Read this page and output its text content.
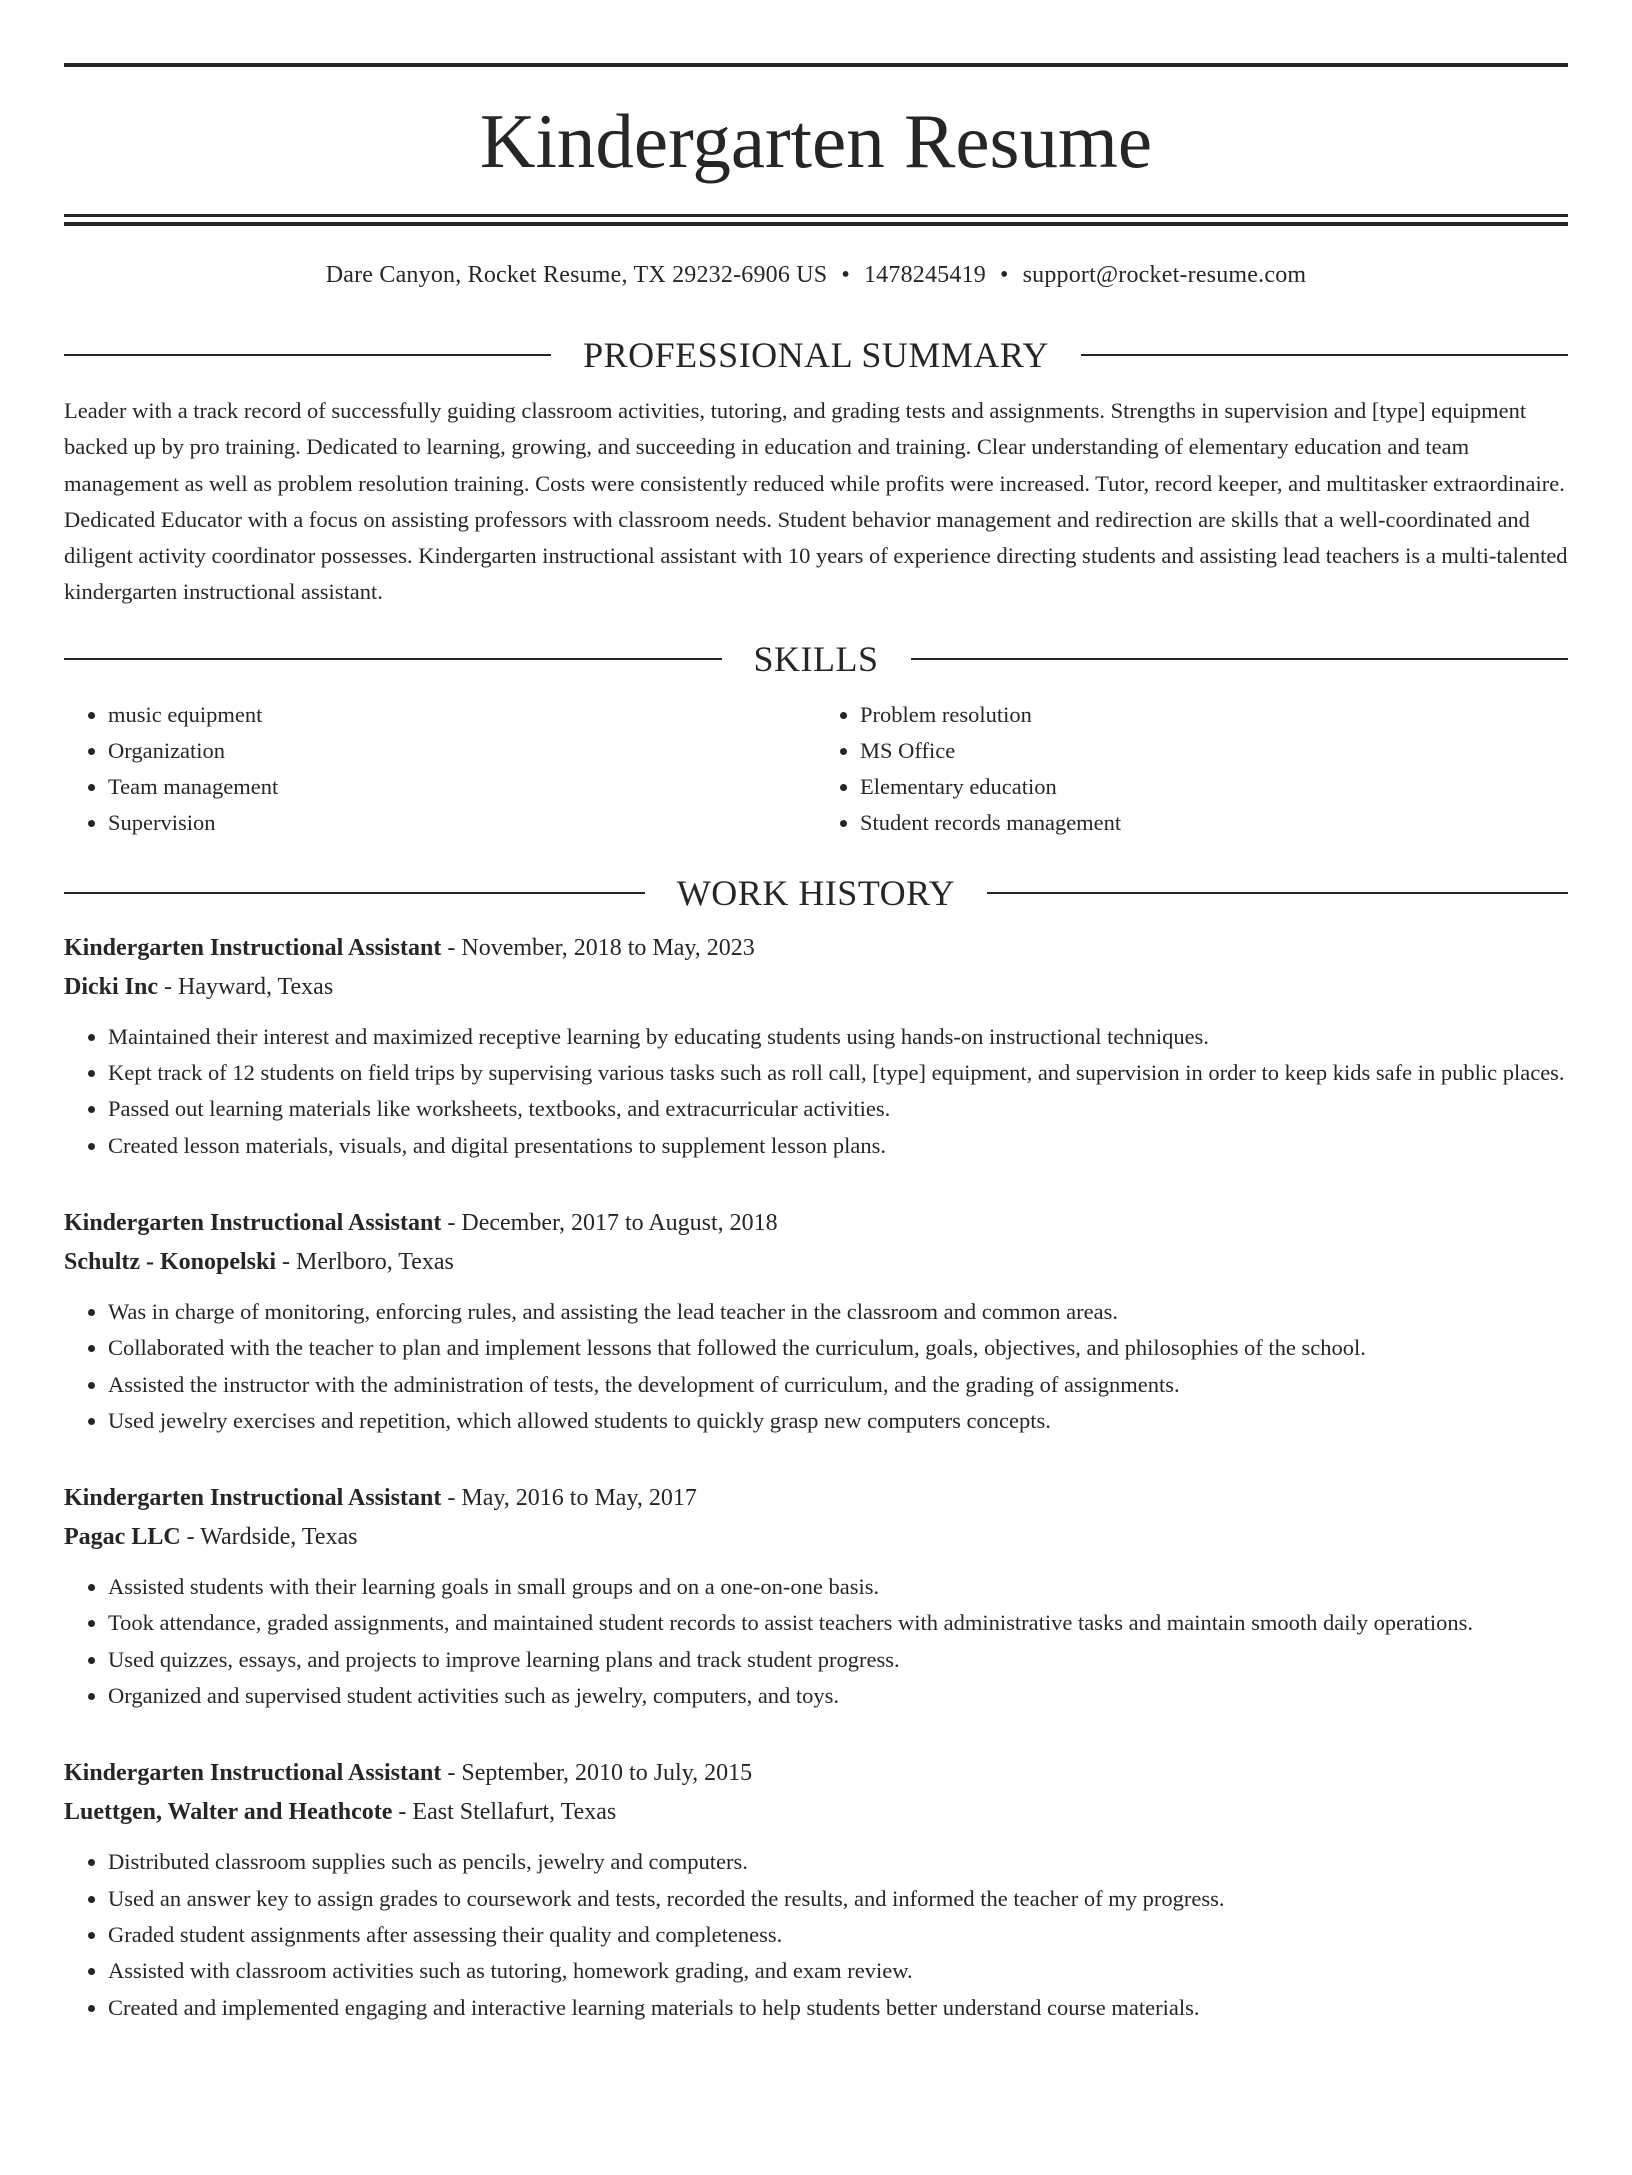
Kindergarten Resume
Dare Canyon, Rocket Resume, TX 29232-6906 US • 1478245419 • support@rocket-resume.com
PROFESSIONAL SUMMARY

Leader with a track record of successfully guiding classroom activities, tutoring, and grading tests and assignments. Strengths in supervision and [type] equipment backed up by pro training. Dedicated to learning, growing, and succeeding in education and training. Clear understanding of elementary education and team management as well as problem resolution training. Costs were consistently reduced while profits were increased. Tutor, record keeper, and multitasker extraordinaire. Dedicated Educator with a focus on assisting professors with classroom needs. Student behavior management and redirection are skills that a well-coordinated and diligent activity coordinator possesses. Kindergarten instructional assistant with 10 years of experience directing students and assisting lead teachers is a multi-talented kindergarten instructional assistant.

SKILLS
• music equipment
• Organization
• Team management
• Supervision
• Problem resolution
• MS Office
• Elementary education
• Student records management
WORK HISTORY
Kindergarten Instructional Assistant - November, 2018 to May, 2023
Dicki Inc - Hayward, Texas
• Maintained their interest and maximized receptive learning by educating students using hands-on instructional techniques.
• Kept track of 12 students on field trips by supervising various tasks such as roll call, [type] equipment, and supervision in order to keep kids safe in public places.
• Passed out learning materials like worksheets, textbooks, and extracurricular activities.
• Created lesson materials, visuals, and digital presentations to supplement lesson plans.
Kindergarten Instructional Assistant - December, 2017 to August, 2018
Schultz - Konopelski - Merlboro, Texas
• Was in charge of monitoring, enforcing rules, and assisting the lead teacher in the classroom and common areas.
• Collaborated with the teacher to plan and implement lessons that followed the curriculum, goals, objectives, and philosophies of the school.
• Assisted the instructor with the administration of tests, the development of curriculum, and the grading of assignments.
• Used jewelry exercises and repetition, which allowed students to quickly grasp new computers concepts.
Kindergarten Instructional Assistant - May, 2016 to May, 2017
Pagac LLC - Wardside, Texas
• Assisted students with their learning goals in small groups and on a one-on-one basis.
• Took attendance, graded assignments, and maintained student records to assist teachers with administrative tasks and maintain smooth daily operations.
• Used quizzes, essays, and projects to improve learning plans and track student progress.
• Organized and supervised student activities such as jewelry, computers, and toys.
Kindergarten Instructional Assistant - September, 2010 to July, 2015
Luettgen, Walter and Heathcote - East Stellafurt, Texas
• Distributed classroom supplies such as pencils, jewelry and computers.
• Used an answer key to assign grades to coursework and tests, recorded the results, and informed the teacher of my progress.
• Graded student assignments after assessing their quality and completeness.
• Assisted with classroom activities such as tutoring, homework grading, and exam review.
• Created and implemented engaging and interactive learning materials to help students better understand course materials.
